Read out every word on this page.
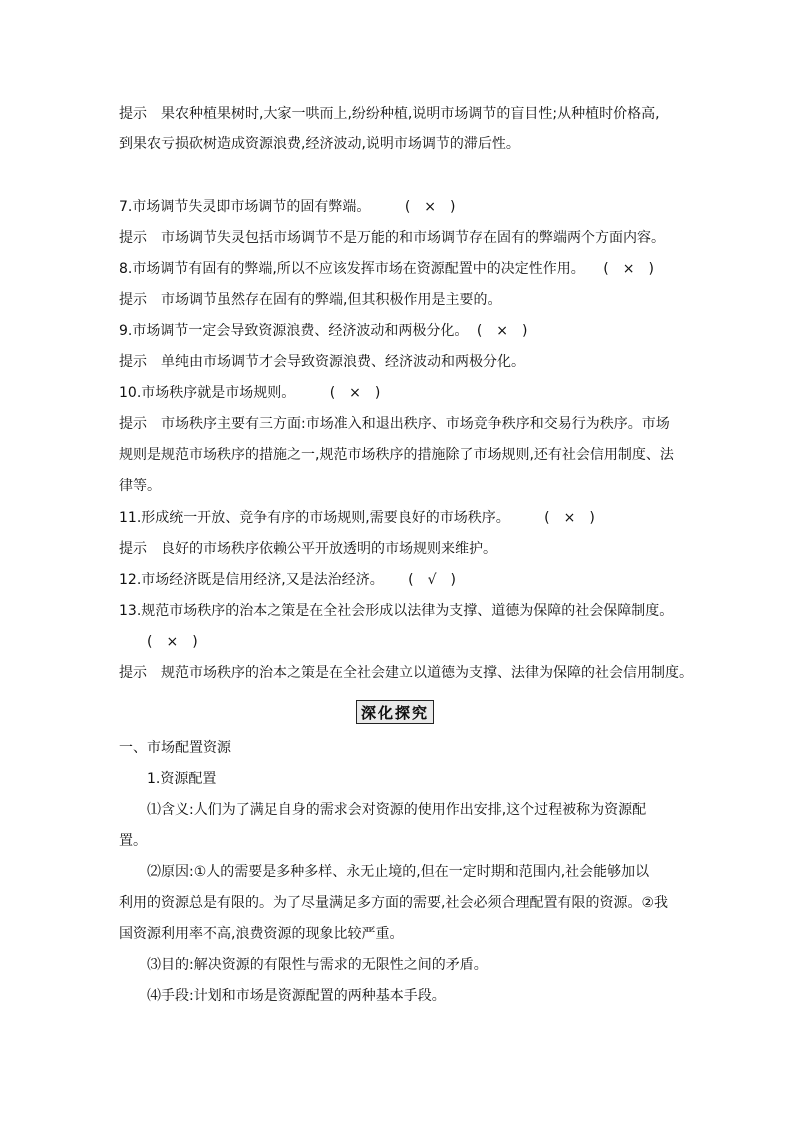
提示　果农种植果树时,大家一哄而上,纷纷种植,说明市场调节的盲目性;从种植时价格高,
到果农亏损砍树造成资源浪费,经济波动,说明市场调节的滞后性。
7.市场调节失灵即市场调节的固有弊端。 (　×　)
提示　市场调节失灵包括市场调节不是万能的和市场调节存在固有的弊端两个方面内容。
8.市场调节有固有的弊端,所以不应该发挥市场在资源配置中的决定性作用。 (　×　)
提示　市场调节虽然存在固有的弊端,但其积极作用是主要的。
9.市场调节一定会导致资源浪费、经济波动和两极分化。 (　×　)
提示　单纯由市场调节才会导致资源浪费、经济波动和两极分化。
10.市场秩序就是市场规则。 (　×　)
提示　市场秩序主要有三方面:市场准入和退出秩序、市场竞争秩序和交易行为秩序。市场
规则是规范市场秩序的措施之一,规范市场秩序的措施除了市场规则,还有社会信用制度、法
律等。
11.形成统一开放、竞争有序的市场规则,需要良好的市场秩序。 (　×　)
提示　良好的市场秩序依赖公平开放透明的市场规则来维护。
12.市场经济既是信用经济,又是法治经济。 (　√　)
13.规范市场秩序的治本之策是在全社会形成以法律为支撑、道德为保障的社会保障制度。
(　×　)
提示　规范市场秩序的治本之策是在全社会建立以道德为支撑、法律为保障的社会信用制度。
深化探究
一、市场配置资源
1.资源配置
⑴含义:人们为了满足自身的需求会对资源的使用作出安排,这个过程被称为资源配
置。
⑵原因:①人的需要是多种多样、永无止境的,但在一定时期和范围内,社会能够加以
利用的资源总是有限的。为了尽量满足多方面的需要,社会必须合理配置有限的资源。②我
国资源利用率不高,浪费资源的现象比较严重。
⑶目的:解决资源的有限性与需求的无限性之间的矛盾。
⑷手段:计划和市场是资源配置的两种基本手段。
